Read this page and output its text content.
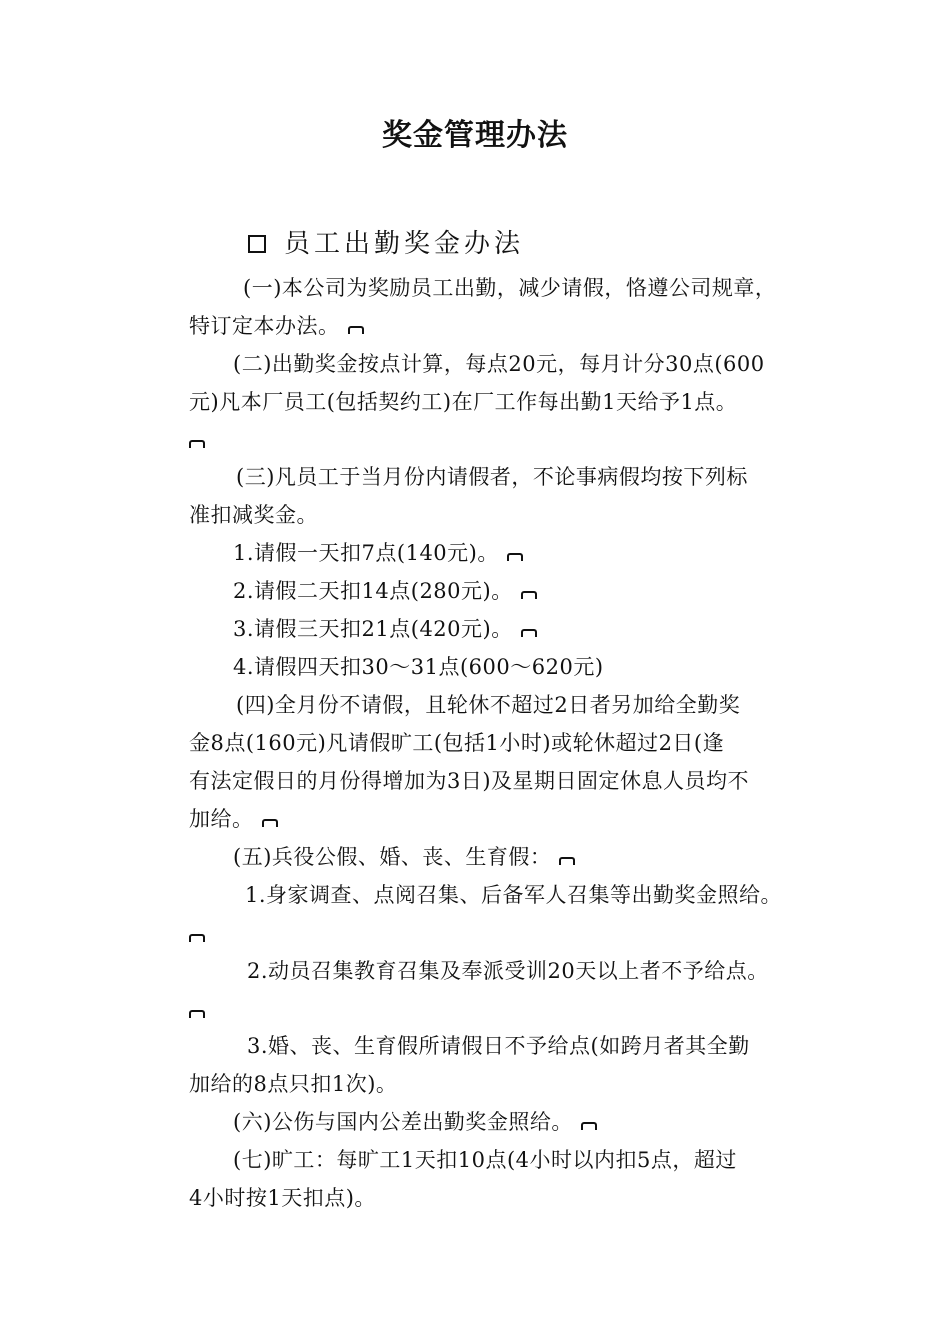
奖金管理办法
员工出勤奖金办法
(一)本公司为奖励员工出勤，减少请假，恪遵公司规章，
特订定本办法。
(二)出勤奖金按点计算，每点20元，每月计分30点(600
元)凡本厂员工(包括契约工)在厂工作每出勤1天给予1点。
(三)凡员工于当月份内请假者，不论事病假均按下列标
准扣减奖金。
1.请假一天扣7点(140元)。
2.请假二天扣14点(280元)。
3.请假三天扣21点(420元)。
4.请假四天扣30～31点(600～620元)
(四)全月份不请假，且轮休不超过2日者另加给全勤奖
金8点(160元)凡请假旷工(包括1小时)或轮休超过2日(逢
有法定假日的月份得增加为3日)及星期日固定休息人员均不
加给。
(五)兵役公假、婚、丧、生育假：
1.身家调查、点阅召集、后备军人召集等出勤奖金照给。
2.动员召集教育召集及奉派受训20天以上者不予给点。
3.婚、丧、生育假所请假日不予给点(如跨月者其全勤
加给的8点只扣1次)。
(六)公伤与国内公差出勤奖金照给。
(七)旷工：每旷工1天扣10点(4小时以内扣5点，超过
4小时按1天扣点)。
